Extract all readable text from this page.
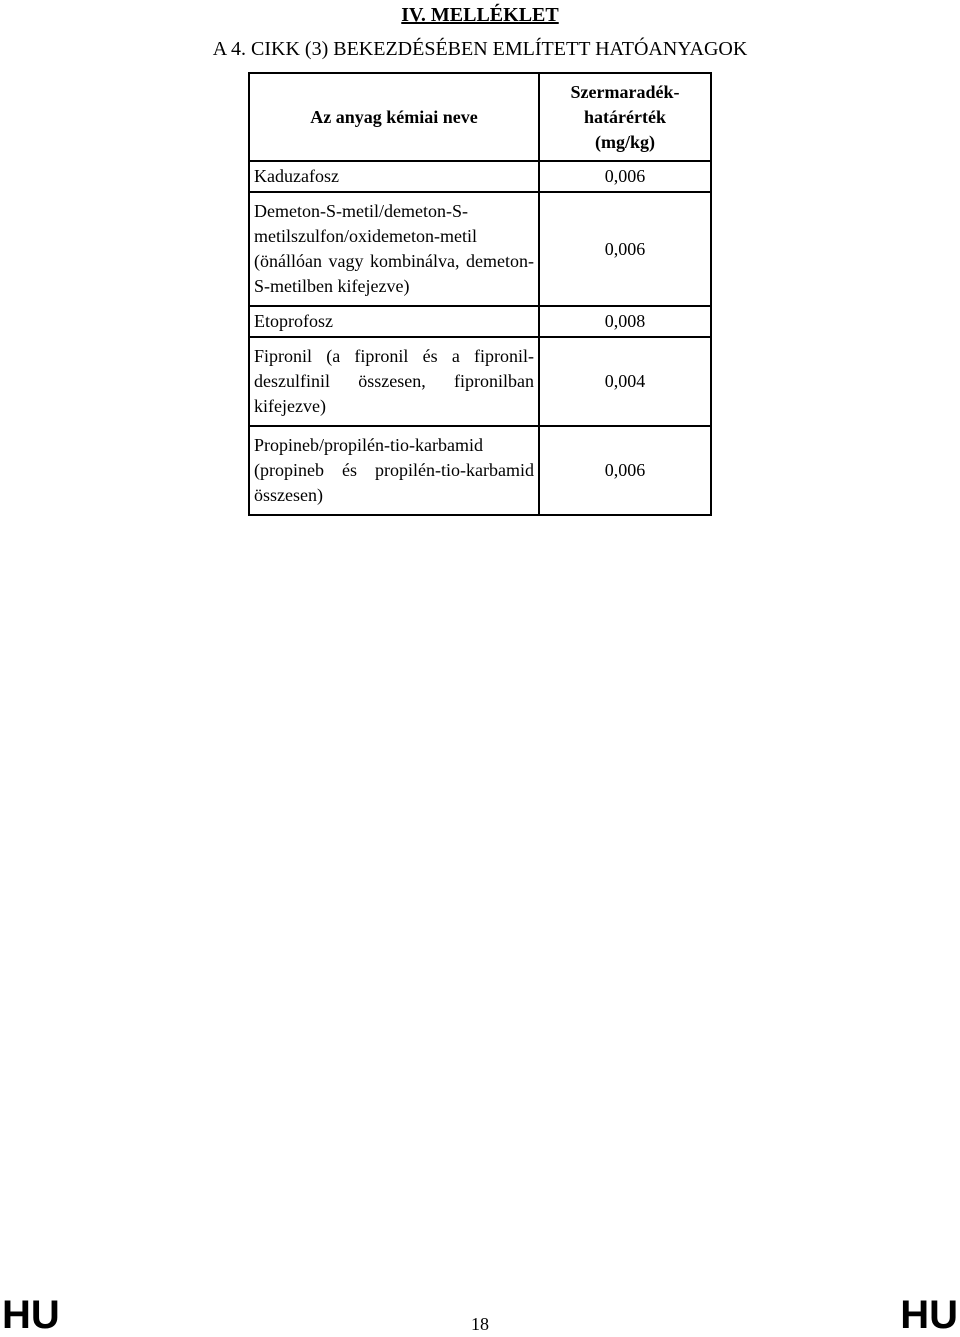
IV. MELLÉKLET
A 4. CIKK (3) BEKEZDÉSÉBEN EMLÍTETT HATÓANYAGOK
Az anyag kémiai neve	Szermaradék-
határérték
(mg/kg)

Kaduzafosz	0,006
Demeton-S-metil/demeton-S-metilszulfon/oxidemeton-metil (önállóan vagy kombinálva, demeton-S-metilben kifejezve)	0,006
Etoprofosz	0,008
Fipronil (a fipronil és a fipronil-deszulfinil összesen, fipronilban kifejezve)	0,004
Propineb/propilén-tio-karbamid (propineb és propilén-tio-karbamid összesen)	0,006
HU	18	HU
